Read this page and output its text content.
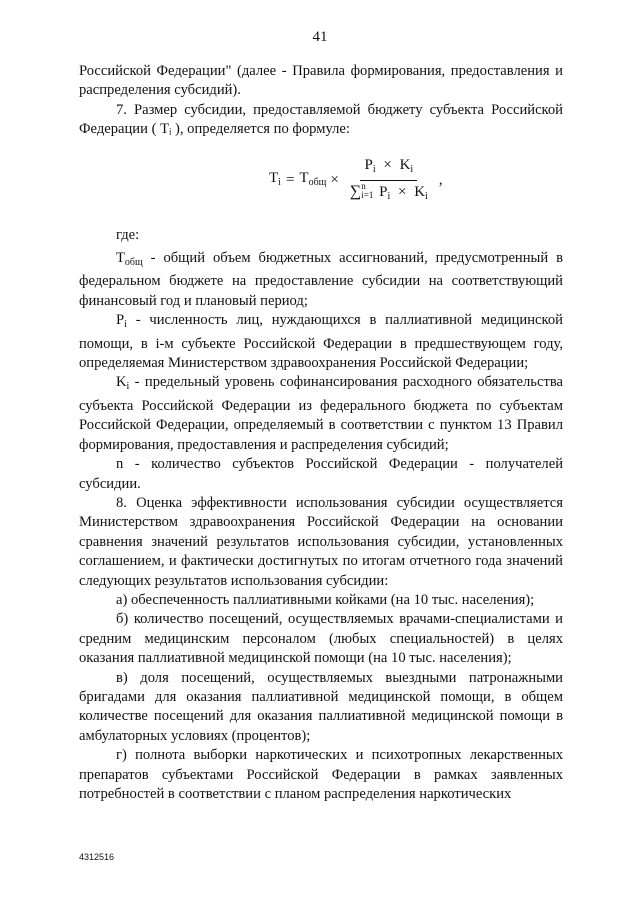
41

Российской Федерации" (далее - Правила формирования, предоставления и распределения субсидий).

7. Размер субсидии, предоставляемой бюджету субъекта Российской Федерации ( Tᵢ ), определяется по формуле:

$T_i = T_{общ}$ ×
$P_i \times K_i$
∑ n
i=1 $P_i \times K_i$
,

где:

$T_{общ}$ - общий объем бюджетных ассигнований, предусмотренный в федеральном бюджете на предоставление субсидии на соответствующий финансовый год и плановый период;

$P_i$ - численность лиц, нуждающихся в паллиативной медицинской помощи, в i-м субъекте Российской Федерации в предшествующем году, определяемая Министерством здравоохранения Российской Федерации;

$K_i$ - предельный уровень софинансирования расходного обязательства субъекта Российской Федерации из федерального бюджета по субъектам Российской Федерации, определяемый в соответствии с пунктом 13 Правил формирования, предоставления и распределения субсидий;

n - количество субъектов Российской Федерации - получателей субсидии.

8. Оценка эффективности использования субсидии осуществляется Министерством здравоохранения Российской Федерации на основании сравнения значений результатов использования субсидии, установленных соглашением, и фактически достигнутых по итогам отчетного года значений следующих результатов использования субсидии:

а) обеспеченность паллиативными койками (на 10 тыс. населения);

б) количество посещений, осуществляемых врачами-специалистами и средним медицинским персоналом (любых специальностей) в целях оказания паллиативной медицинской помощи (на 10 тыс. населения);

в) доля посещений, осуществляемых выездными патронажными бригадами для оказания паллиативной медицинской помощи, в общем количестве посещений для оказания паллиативной медицинской помощи в амбулаторных условиях (процентов);

г) полнота выборки наркотических и психотропных лекарственных препаратов субъектами Российской Федерации в рамках заявленных потребностей в соответствии с планом распределения наркотических

4312516
